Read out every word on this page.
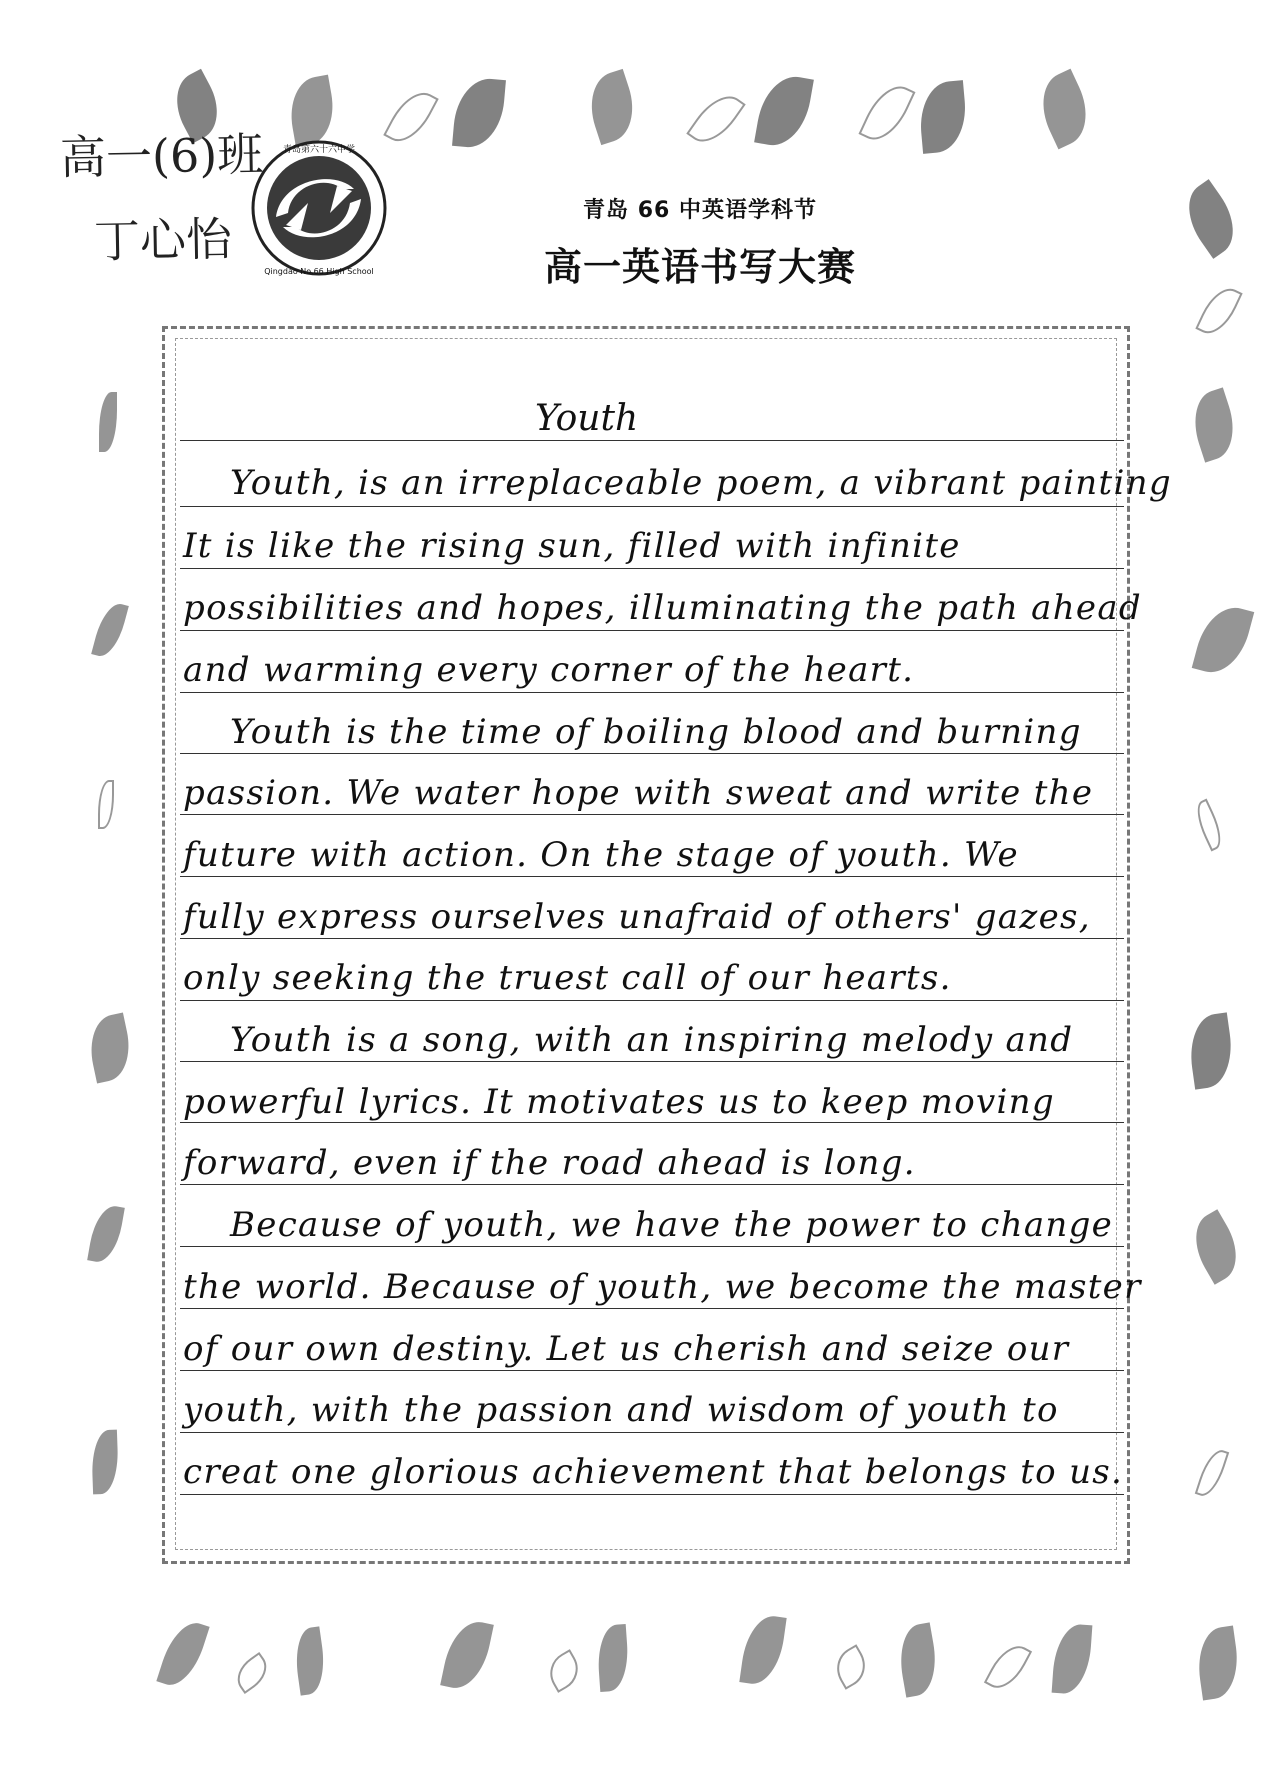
高一(6)班
丁心怡
青岛第六十六中学
Qingdao No.66 High School
青岛 66 中英语学科节
高一英语书写大赛
Youth
Youth, is an irreplaceable poem, a vibrant painting
It is like the rising sun, filled with infinite
possibilities and hopes, illuminating the path ahead
and warming every corner of the heart.
Youth is the time of boiling blood and burning
passion. We water hope with sweat and write the
future with action. On the stage of youth. We
fully express ourselves unafraid of others' gazes,
only seeking the truest call of our hearts.
Youth is a song, with an inspiring melody and
powerful lyrics. It motivates us to keep moving
forward, even if the road ahead is long.
Because of youth, we have the power to change
the world. Because of youth, we become the master
of our own destiny. Let us cherish and seize our
youth, with the passion and wisdom of youth to
creat one glorious achievement that belongs to us.
